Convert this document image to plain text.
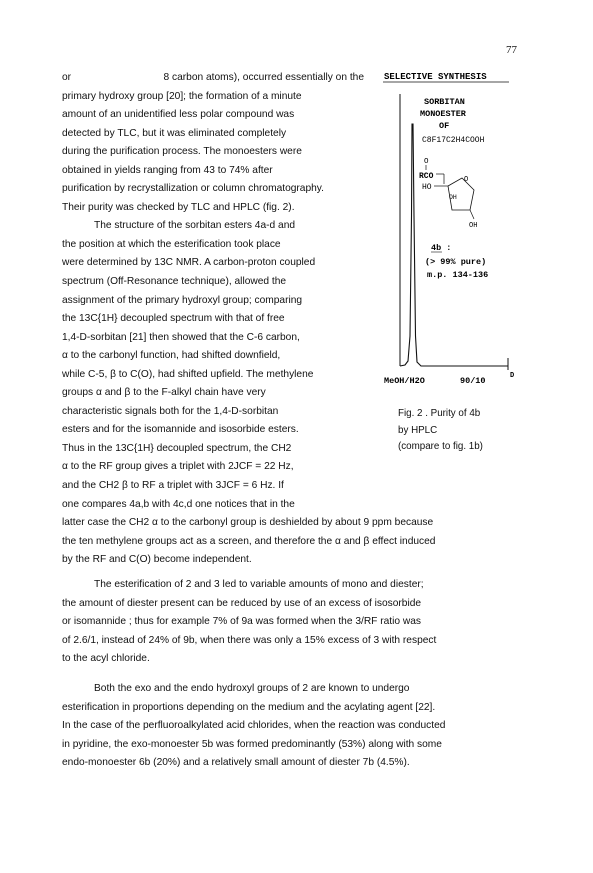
77
or	8 carbon atoms), occurred essentially on the
primary hydroxy group [20]; the formation of a minute
amount of an unidentified less polar compound was
detected by TLC, but it was eliminated completely
during the purification process. The monoesters were
obtained in yields ranging from 43 to 74% after
purification by recrystallization or column chromatography.
Their purity was checked by TLC and HPLC (fig. 2).
The structure of the sorbitan esters 4a-d and
the position at which the esterification took place
were determined by 13C NMR. A carbon-proton coupled
spectrum (Off-Resonance technique), allowed the
assignment of the primary hydroxyl group; comparing
the 13C{1H} decoupled spectrum with that of free
1,4-D-sorbitan [21] then showed that the C-6 carbon,
α to the carbonyl function, had shifted downfield,
while C-5, β to C(O), had shifted upfield. The methylene
groups α and β to the F-alkyl chain have very
characteristic signals both for the 1,4-D-sorbitan
esters and for the isomannide and isosorbide esters.
Thus in the 13C{1H} decoupled spectrum, the CH2
α to the RF group gives a triplet with 2JCF = 22 Hz,
and the CH2 β to RF a triplet with 3JCF = 6 Hz. If
one compares 4a,b with 4c,d one notices that in the
latter case the CH2 α to the carbonyl group is deshielded by about 9 ppm because
the ten methylene groups act as a screen, and therefore the α and β effect induced
by the RF and C(O) become independent.
The esterification of 2 and 3 led to variable amounts of mono and diester;
the amount of diester present can be reduced by use of an excess of isosorbide
or isomannide ; thus for example 7% of 9a was formed when the 3/RF ratio was
of 2.6/1, instead of 24% of 9b, when there was only a 15% excess of 3 with respect
to the acyl chloride.
Both the exo and the endo hydroxyl groups of 2 are known to undergo
esterification in proportions depending on the medium and the acylating agent [22].
In the case of the perfluoroalkylated acid chlorides, when the reaction was conducted
in pyridine, the exo-monoester 5b was formed predominantly (53%) along with some
endo-monoester 6b (20%) and a relatively small amount of diester 7b (4.5%).
SELECTIVE SYNTHESIS
SORBITAN
MONOESTER
OF
C8F17C2H4COOH
O
RCO
HO
O
OH
OH
4b :
(> 99% pure)
m.p. 134-136
MeOH/H2O	90/10	D
Fig. 2 . Purity of 4b
by HPLC
(compare to fig. 1b)
